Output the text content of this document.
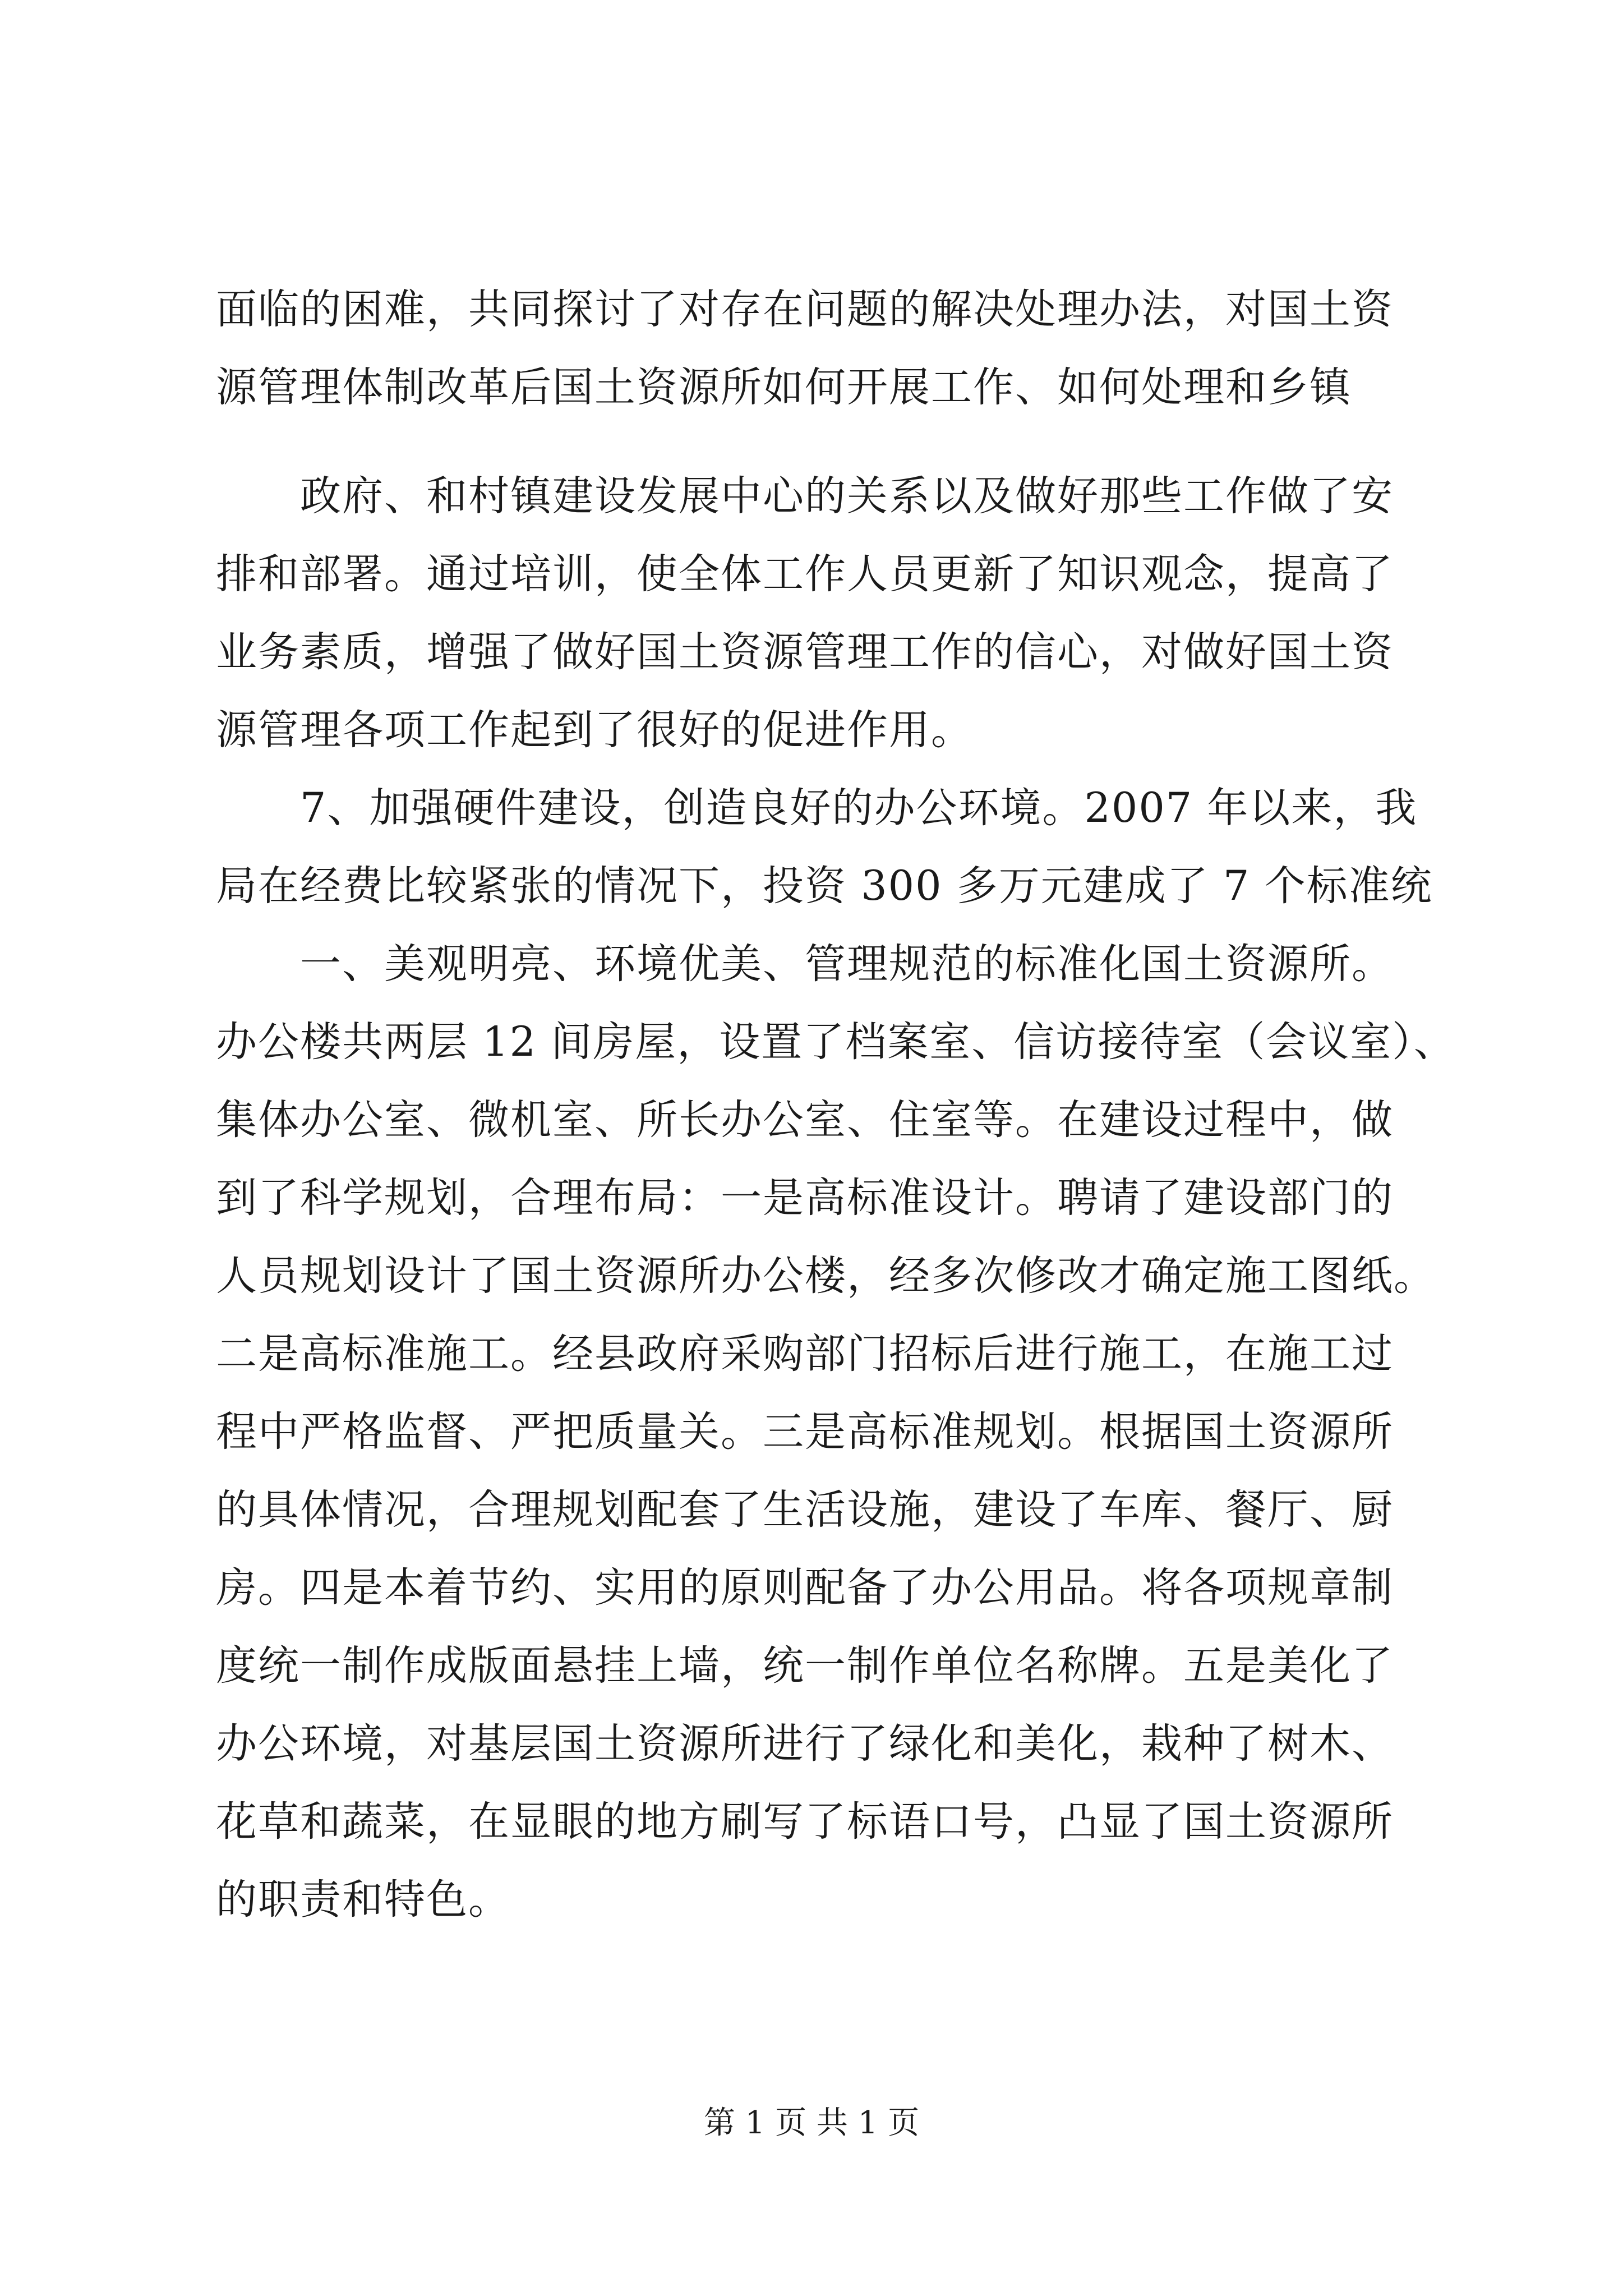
面临的困难，共同探讨了对存在问题的解决处理办法，对国土资
源管理体制改革后国土资源所如何开展工作、如何处理和乡镇
政府、和村镇建设发展中心的关系以及做好那些工作做了安
排和部署。通过培训，使全体工作人员更新了知识观念，提高了
业务素质，增强了做好国土资源管理工作的信心，对做好国土资
源管理各项工作起到了很好的促进作用。
7、加强硬件建设，创造良好的办公环境。2007 年以来，我
局在经费比较紧张的情况下，投资 300 多万元建成了 7 个标准统
一、美观明亮、环境优美、管理规范的标准化国土资源所。
办公楼共两层 12 间房屋，设置了档案室、信访接待室（会议室）、
集体办公室、微机室、所长办公室、住室等。在建设过程中，做
到了科学规划，合理布局：一是高标准设计。聘请了建设部门的
人员规划设计了国土资源所办公楼，经多次修改才确定施工图纸。
二是高标准施工。经县政府采购部门招标后进行施工，在施工过
程中严格监督、严把质量关。三是高标准规划。根据国土资源所
的具体情况，合理规划配套了生活设施，建设了车库、餐厅、厨
房。四是本着节约、实用的原则配备了办公用品。将各项规章制
度统一制作成版面悬挂上墙，统一制作单位名称牌。五是美化了
办公环境，对基层国土资源所进行了绿化和美化，栽种了树木、
花草和蔬菜，在显眼的地方刷写了标语口号，凸显了国土资源所
的职责和特色。
第 1 页 共 1 页
